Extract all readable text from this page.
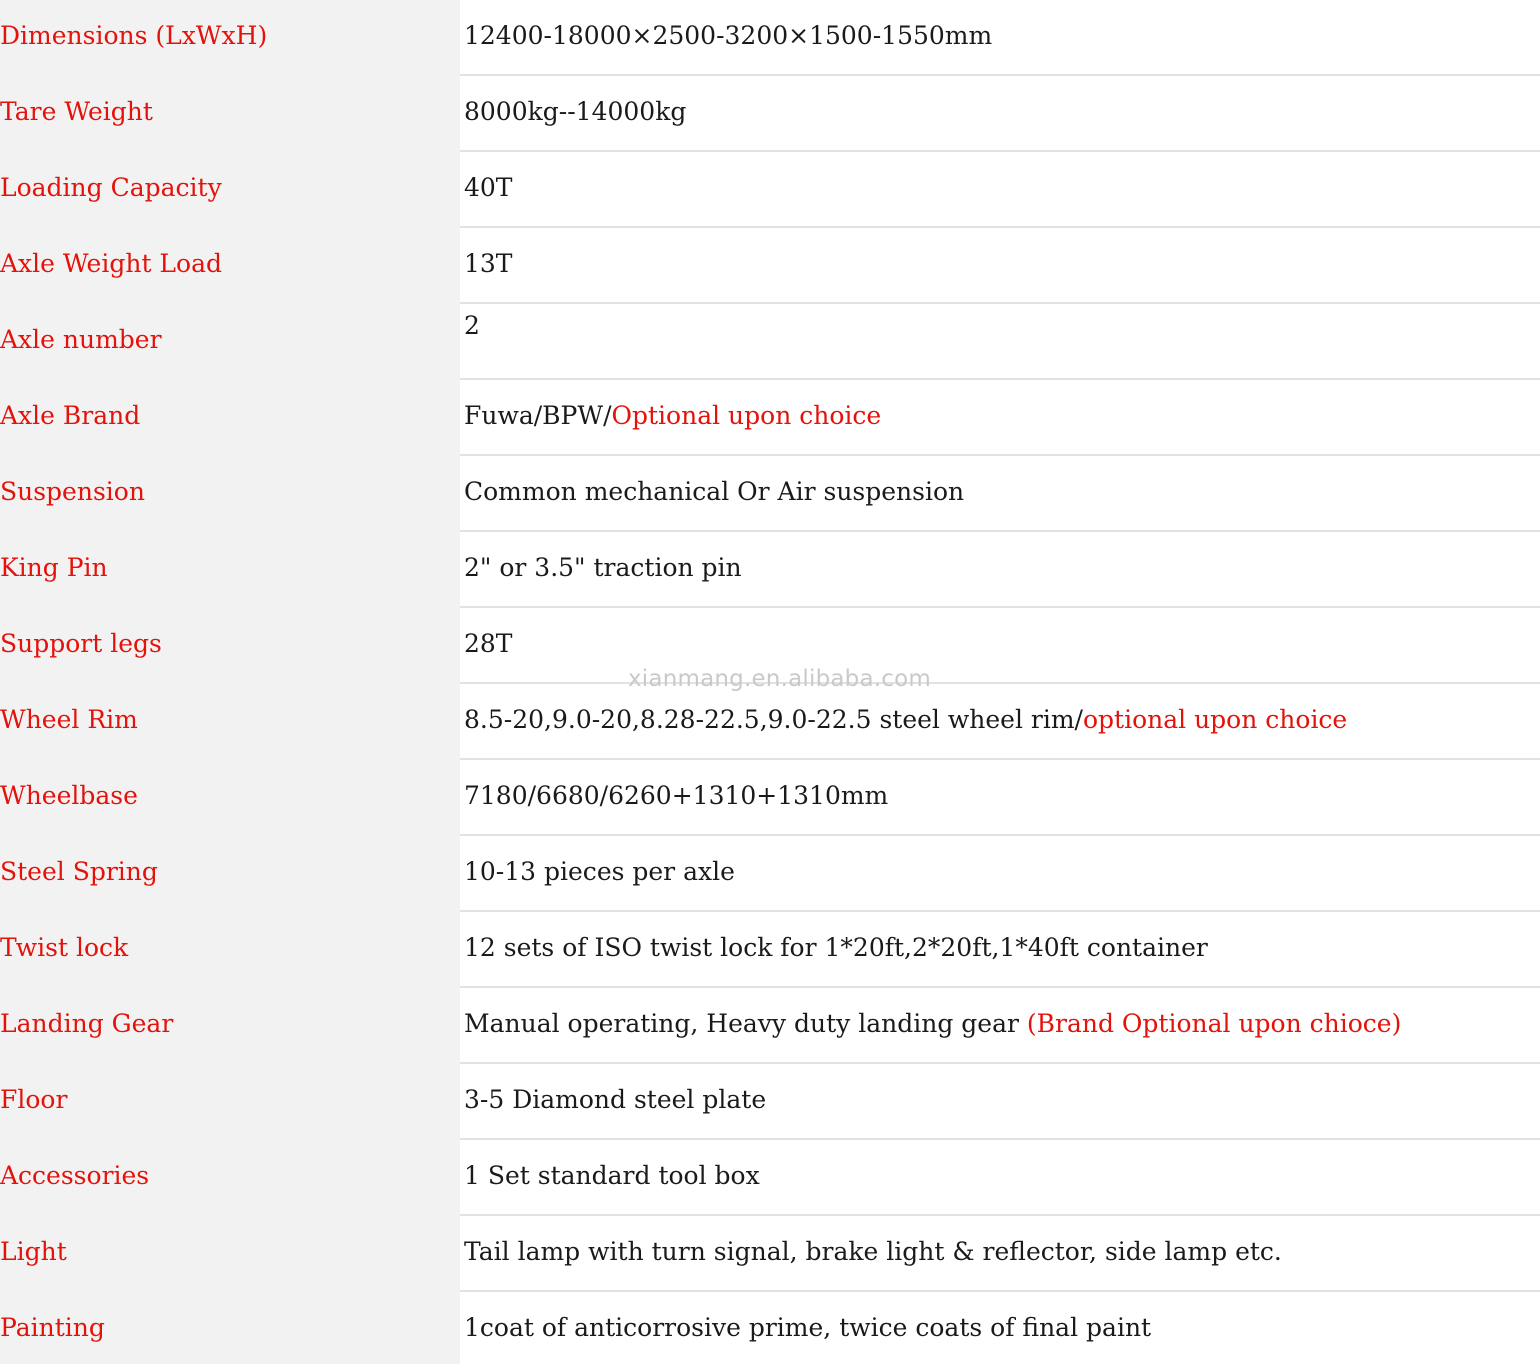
Dimensions (LxWxH)	12400-18000×2500-3200×1500-1550mm
Tare Weight	8000kg--14000kg
Loading Capacity	40T
Axle Weight Load	13T
Axle number	2
Axle Brand	Fuwa/BPW/Optional upon choice
Suspension	Common mechanical Or Air suspension
King Pin	2" or 3.5" traction pin
Support legs	28T
Wheel Rim	8.5-20,9.0-20,8.28-22.5,9.0-22.5 steel wheel rim/optional upon choice
Wheelbase	7180/6680/6260+1310+1310mm
Steel Spring	10-13 pieces per axle
Twist lock	12 sets of ISO twist lock for 1*20ft,2*20ft,1*40ft container
Landing Gear	Manual operating, Heavy duty landing gear (Brand Optional upon chioce)
Floor	3-5 Diamond steel plate
Accessories	1 Set standard tool box
Light	Tail lamp with turn signal, brake light & reflector, side lamp etc.
Painting	1coat of anticorrosive prime, twice coats of final paint
xianmang.en.alibaba.com
